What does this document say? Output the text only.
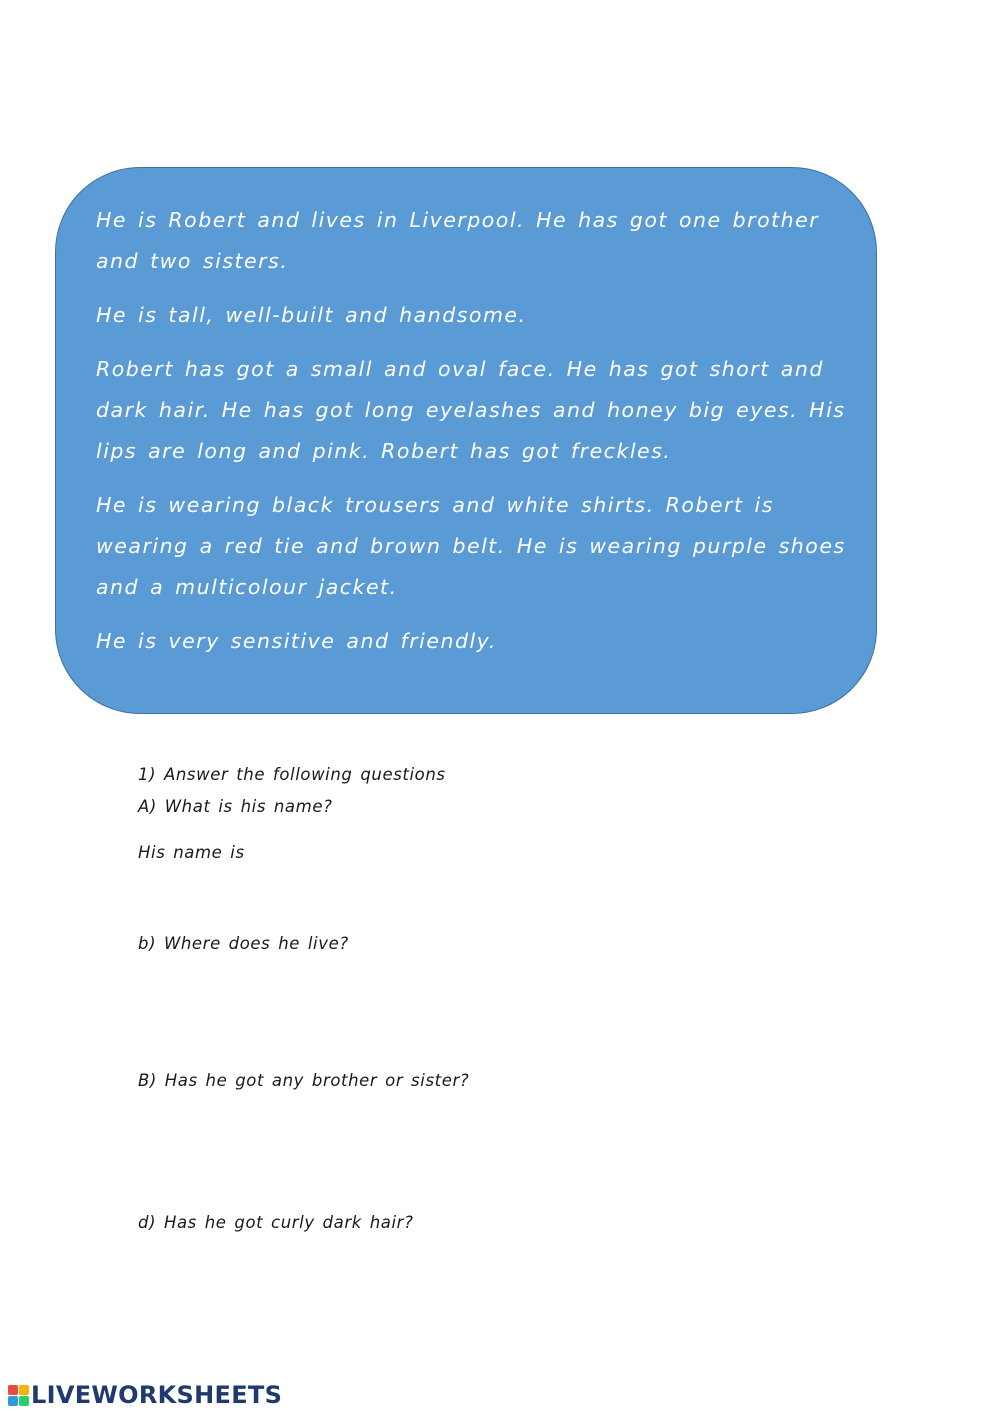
He is Robert and lives in Liverpool. He has got one brother and two sisters.

He is tall, well-built and handsome.

Robert has got a small and oval face. He has got short and dark hair. He has got long eyelashes and honey big eyes. His lips are long and pink. Robert has got freckles.

He is wearing black trousers and white shirts. Robert is wearing a red tie and brown belt. He is wearing purple shoes and a multicolour jacket.

He is very sensitive and friendly.

1) Answer the following questions
A) What is his name?
His name is
b) Where does he live?
B) Has he got any brother or sister?
d) Has he got curly dark hair?
LIVEWORKSHEETS
